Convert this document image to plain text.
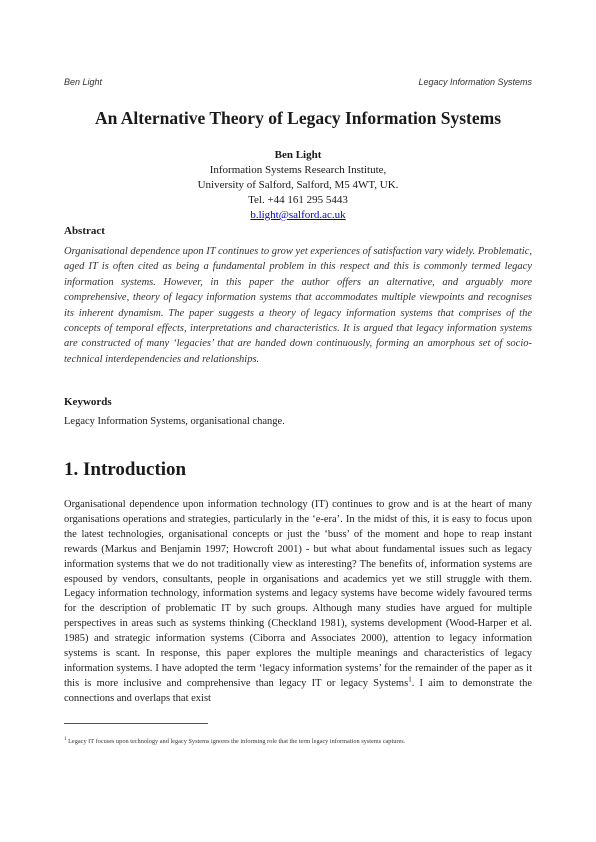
Ben Light	Legacy Information Systems
An Alternative Theory of Legacy Information Systems
Ben Light
Information Systems Research Institute,
University of Salford, Salford, M5 4WT, UK.
Tel. +44 161 295 5443
b.light@salford.ac.uk
Abstract
Organisational dependence upon IT continues to grow yet experiences of satisfaction vary widely. Problematic, aged IT is often cited as being a fundamental problem in this respect and this is commonly termed legacy information systems. However, in this paper the author offers an alternative, and arguably more comprehensive, theory of legacy information systems that accommodates multiple viewpoints and recognises its inherent dynamism. The paper suggests a theory of legacy information systems that comprises of the concepts of temporal effects, interpretations and characteristics. It is argued that legacy information systems are constructed of many ‘legacies’ that are handed down continuously, forming an amorphous set of socio-technical interdependencies and relationships.
Keywords
Legacy Information Systems, organisational change.
1. Introduction
Organisational dependence upon information technology (IT) continues to grow and is at the heart of many organisations operations and strategies, particularly in the ‘e-era’. In the midst of this, it is easy to focus upon the latest technologies, organisational concepts or just the ‘buss’ of the moment and hope to reap instant rewards (Markus and Benjamin 1997; Howcroft 2001) - but what about fundamental issues such as legacy information systems that we do not traditionally view as interesting? The benefits of, information systems are espoused by vendors, consultants, people in organisations and academics yet we still struggle with them. Legacy information technology, information systems and legacy systems have become widely favoured terms for the description of problematic IT by such groups. Although many studies have argued for multiple perspectives in areas such as systems thinking (Checkland 1981), systems development (Wood-Harper et al. 1985) and strategic information systems (Ciborra and Associates 2000), attention to legacy information systems is scant. In response, this paper explores the multiple meanings and characteristics of legacy information systems. I have adopted the term ‘legacy information systems’ for the remainder of the paper as it this is more inclusive and comprehensive than legacy IT or legacy Systems$^1$. I aim to demonstrate the connections and overlaps that exist
$^1$ Legacy IT focuses upon technology and legacy Systems ignores the informing role that the term legacy information systems captures.
